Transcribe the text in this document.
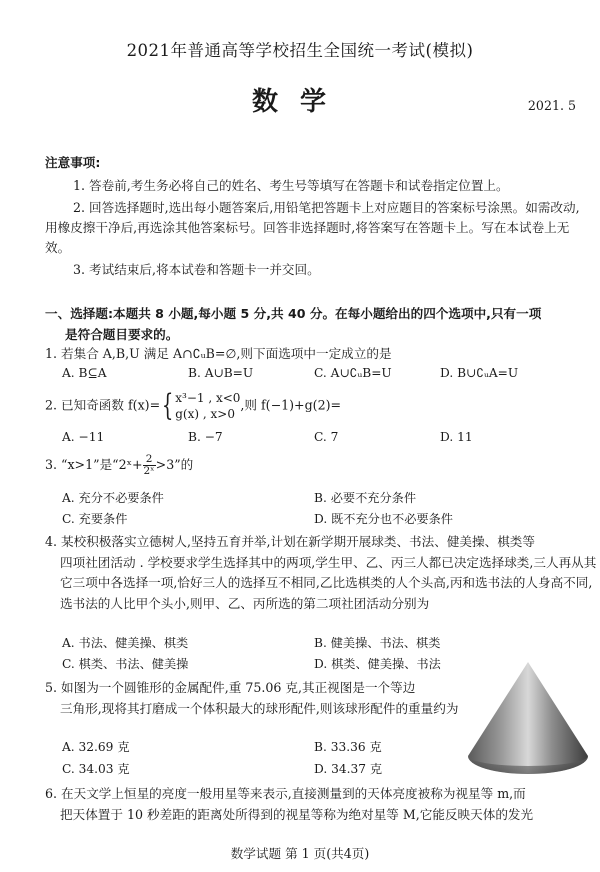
2021年普通高等学校招生全国统一考试(模拟)
数学	2021. 5
注意事项:
1. 答卷前,考生务必将自己的姓名、考生号等填写在答题卡和试卷指定位置上。
2. 回答选择题时,选出每小题答案后,用铅笔把答题卡上对应题目的答案标号涂黑。如需改动,用橡皮擦干净后,再选涂其他答案标号。回答非选择题时,将答案写在答题卡上。写在本试卷上无效。
3. 考试结束后,将本试卷和答题卡一并交回。
一、选择题:本题共 8 小题,每小题 5 分,共 40 分。在每小题给出的四个选项中,只有一项
是符合题目要求的。
1. 若集合 A,B,U 满足 A∩∁ᵤB=∅,则下面选项中一定成立的是
A. B⊆A	B. A∪B=U	C. A∪∁ᵤB=U	D. B∪∁ᵤA=U
2. 已知奇函数 f(x)={ x³−1 , x<0
g(x) , x>0
,则 f(−1)+g(2)=
A. −11	B. −7	C. 7	D. 11
3. “x>1”是“2ˣ+ $\frac{2}{\text{2ˣ}} >3$”的
A. 充分不必要条件	B. 必要不充分条件
C. 充要条件	D. 既不充分也不必要条件
4. 某校积极落实立德树人,坚持五育并举,计划在新学期开展球类、书法、健美操、棋类等
四项社团活动 . 学校要求学生选择其中的两项,学生甲、乙、丙三人都已决定选择球类,三人再从其它三项中各选择一项,恰好三人的选择互不相同,乙比选棋类的人个头高,丙和选书法的人身高不同,选书法的人比甲个头小,则甲、乙、丙所选的第二项社团活动分别为
A. 书法、健美操、棋类	B. 健美操、书法、棋类
C. 棋类、书法、健美操	D. 棋类、健美操、书法
5. 如图为一个圆锥形的金属配件,重 75.06 克,其正视图是一个等边
三角形,现将其打磨成一个体积最大的球形配件,则该球形配件的重量约为
A. 32.69 克	B. 33.36 克
C. 34.03 克	D. 34.37 克
6. 在天文学上恒星的亮度一般用星等来表示,直接测量到的天体亮度被称为视星等 m,而
把天体置于 10 秒差距的距离处所得到的视星等称为绝对星等 M,它能反映天体的发光
数学试题 第 1 页(共4页)
